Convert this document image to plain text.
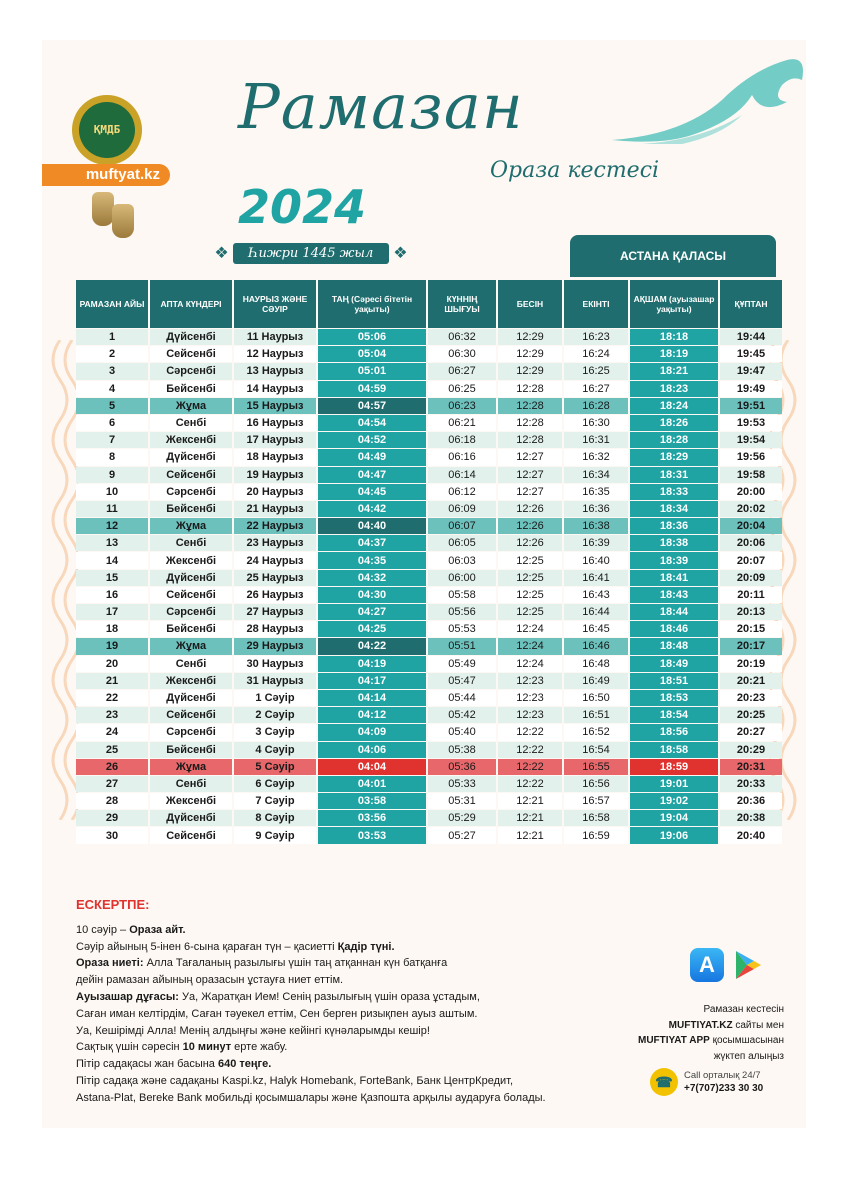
ҚМДБ
muftyat.kz
Рамазан
Ораза кестесі
2024
❖	Һижри 1445 жыл	❖	АСТАНА ҚАЛАСЫ
РАМАЗАН АЙЫ	АПТА КҮНДЕРІ	НАУРЫЗ ЖӘНЕ СӘУІР	ТАҢ (Сәресі бітетін уақыты)	КҮННІҢ ШЫҒУЫ	БЕСІН	ЕКІНТІ	АҚШАМ (ауызашар уақыты)	ҚҰПТАН
1	Дүйсенбі	11 Наурыз	05:06	06:32	12:29	16:23	18:18	19:44
2	Сейсенбі	12 Наурыз	05:04	06:30	12:29	16:24	18:19	19:45
3	Сәрсенбі	13 Наурыз	05:01	06:27	12:29	16:25	18:21	19:47
4	Бейсенбі	14 Наурыз	04:59	06:25	12:28	16:27	18:23	19:49
5	Жұма	15 Наурыз	04:57	06:23	12:28	16:28	18:24	19:51
6	Сенбі	16 Наурыз	04:54	06:21	12:28	16:30	18:26	19:53
7	Жексенбі	17 Наурыз	04:52	06:18	12:28	16:31	18:28	19:54
8	Дүйсенбі	18 Наурыз	04:49	06:16	12:27	16:32	18:29	19:56
9	Сейсенбі	19 Наурыз	04:47	06:14	12:27	16:34	18:31	19:58
10	Сәрсенбі	20 Наурыз	04:45	06:12	12:27	16:35	18:33	20:00
11	Бейсенбі	21 Наурыз	04:42	06:09	12:26	16:36	18:34	20:02
12	Жұма	22 Наурыз	04:40	06:07	12:26	16:38	18:36	20:04
13	Сенбі	23 Наурыз	04:37	06:05	12:26	16:39	18:38	20:06
14	Жексенбі	24 Наурыз	04:35	06:03	12:25	16:40	18:39	20:07
15	Дүйсенбі	25 Наурыз	04:32	06:00	12:25	16:41	18:41	20:09
16	Сейсенбі	26 Наурыз	04:30	05:58	12:25	16:43	18:43	20:11
17	Сәрсенбі	27 Наурыз	04:27	05:56	12:25	16:44	18:44	20:13
18	Бейсенбі	28 Наурыз	04:25	05:53	12:24	16:45	18:46	20:15
19	Жұма	29 Наурыз	04:22	05:51	12:24	16:46	18:48	20:17
20	Сенбі	30 Наурыз	04:19	05:49	12:24	16:48	18:49	20:19
21	Жексенбі	31 Наурыз	04:17	05:47	12:23	16:49	18:51	20:21
22	Дүйсенбі	1 Сәуір	04:14	05:44	12:23	16:50	18:53	20:23
23	Сейсенбі	2 Сәуір	04:12	05:42	12:23	16:51	18:54	20:25
24	Сәрсенбі	3 Сәуір	04:09	05:40	12:22	16:52	18:56	20:27
25	Бейсенбі	4 Сәуір	04:06	05:38	12:22	16:54	18:58	20:29
26	Жұма	5 Сәуір	04:04	05:36	12:22	16:55	18:59	20:31
27	Сенбі	6 Сәуір	04:01	05:33	12:22	16:56	19:01	20:33
28	Жексенбі	7 Сәуір	03:58	05:31	12:21	16:57	19:02	20:36
29	Дүйсенбі	8 Сәуір	03:56	05:29	12:21	16:58	19:04	20:38
30	Сейсенбі	9 Сәуір	03:53	05:27	12:21	16:59	19:06	20:40
ЕСКЕРТПЕ:
10 сәуір – Ораза айт.
Сәуір айының 5-інен 6-сына қараған түн – қасиетті Қадір түні.
Ораза ниеті: Алла Тағаланың разылығы үшін таң атқаннан күн батқанға
дейін рамазан айының оразасын ұстауға ниет еттім.
Ауызашар дұғасы: Уа, Жаратқан Ием! Сенің разылығың үшін ораза ұстадым,
Саған иман келтірдім, Саған тәуекел еттім, Сен берген ризықпен ауыз аштым.
Уа, Кешірімді Алла! Менің алдыңғы және кейінгі күнәларымды кешір!
Сақтық үшін сәресін 10 минут ерте жабу.
Пітір садақасы жан басына 640 теңге.
Пітір садақа және садақаны Kaspi.kz, Halyk Homebank, ForteBank, Банк ЦентрКредит,
Astana-Plat, Bereke Bank мобильді қосымшалары және Қазпошта арқылы аударуға болады.
A
Рамазан кестесін
MUFTIYAT.KZ сайты мен
MUFTIYAT APP қосымшасынан
жүктеп алыңыз
☎	Call орталық 24/7
+7(707)233 30 30
